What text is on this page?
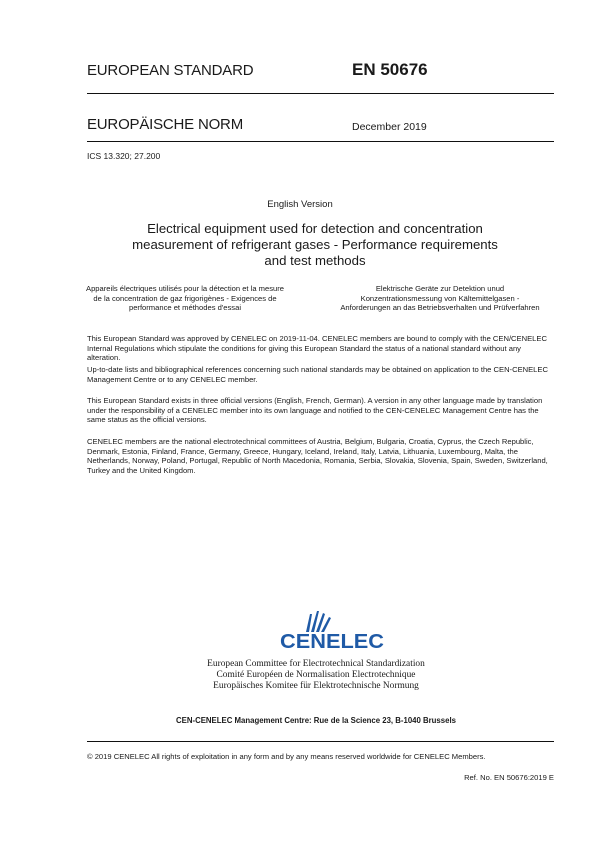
EUROPEAN STANDARD	EN 50676
EUROPÄISCHE NORM	December 2019
ICS 13.320; 27.200
English Version
Electrical equipment used for detection and concentration
measurement of refrigerant gases - Performance requirements
and test methods
Appareils électriques utilisés pour la détection et la mesure
de la concentration de gaz frigorigènes - Exigences de
performance et méthodes d'essai
Elektrische Geräte zur Detektion unud
Konzentrationsmessung von Kältemittelgasen -
Anforderungen an das Betriebsverhalten und Prüfverfahren
This European Standard was approved by CENELEC on 2019-11-04. CENELEC members are bound to comply with the CEN/CENELEC
Internal Regulations which stipulate the conditions for giving this European Standard the status of a national standard without any alteration.
Up-to-date lists and bibliographical references concerning such national standards may be obtained on application to the CEN-CENELEC
Management Centre or to any CENELEC member.
This European Standard exists in three official versions (English, French, German). A version in any other language made by translation
under the responsibility of a CENELEC member into its own language and notified to the CEN-CENELEC Management Centre has the
same status as the official versions.
CENELEC members are the national electrotechnical committees of Austria, Belgium, Bulgaria, Croatia, Cyprus, the Czech Republic,
Denmark, Estonia, Finland, France, Germany, Greece, Hungary, Iceland, Ireland, Italy, Latvia, Lithuania, Luxembourg, Malta, the
Netherlands, Norway, Poland, Portugal, Republic of North Macedonia, Romania, Serbia, Slovakia, Slovenia, Spain, Sweden, Switzerland,
Turkey and the United Kingdom.
CENELEC
European Committee for Electrotechnical Standardization
Comité Européen de Normalisation Electrotechnique
Europäisches Komitee für Elektrotechnische Normung
CEN-CENELEC Management Centre: Rue de la Science 23, B-1040 Brussels
© 2019 CENELEC All rights of exploitation in any form and by any means reserved worldwide for CENELEC Members.
Ref. No. EN 50676:2019 E
